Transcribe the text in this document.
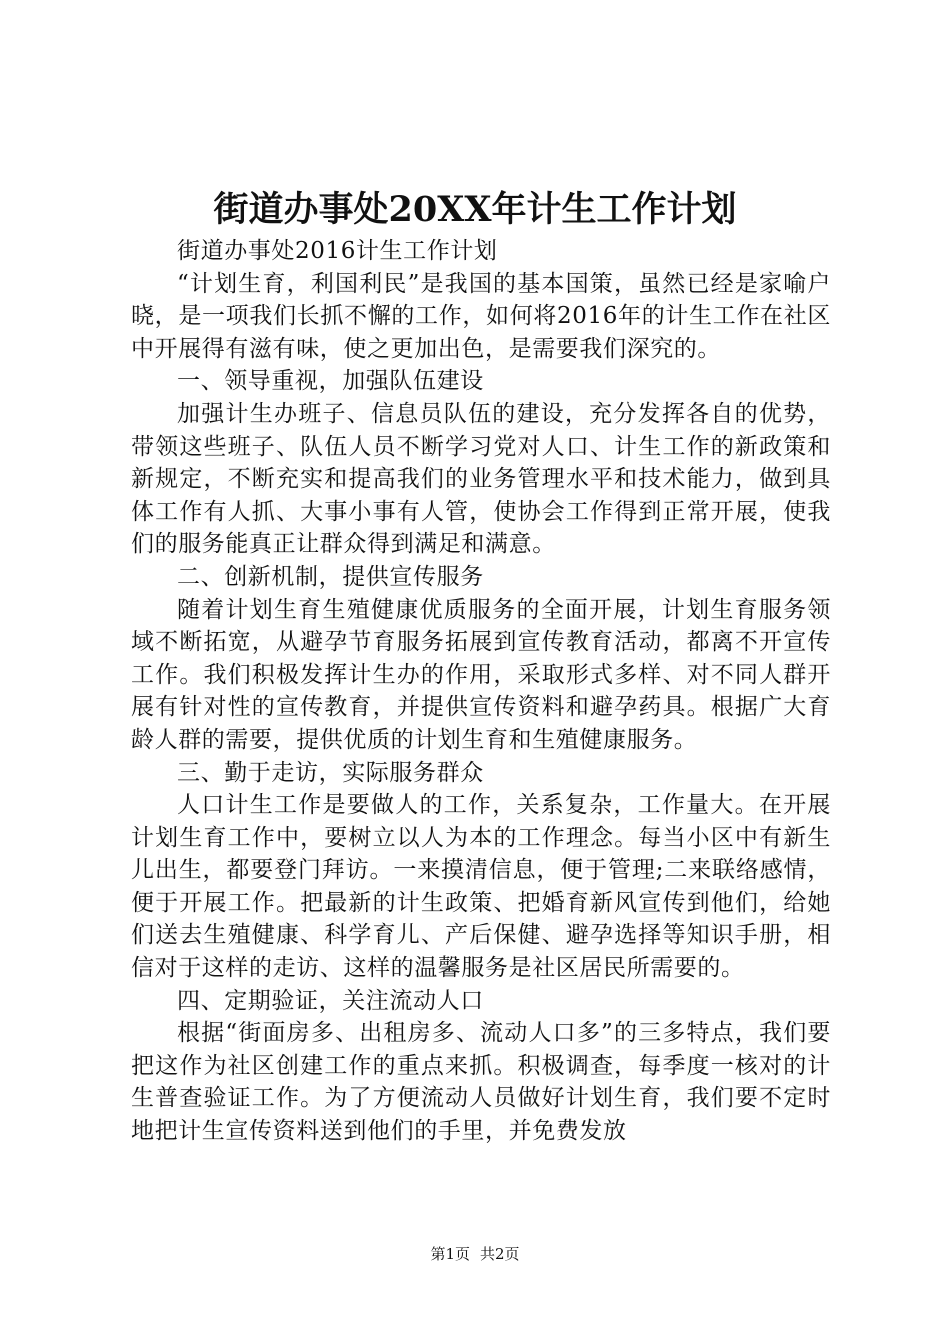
街道办事处20XX年计生工作计划

街道办事处2016计生工作计划

“计划生育，利国利民”是我国的基本国策，虽然已经是家喻户晓，是一项我们长抓不懈的工作，如何将2016年的计生工作在社区中开展得有滋有味，使之更加出色，是需要我们深究的。

一、领导重视，加强队伍建设

加强计生办班子、信息员队伍的建设，充分发挥各自的优势，带领这些班子、队伍人员不断学习党对人口、计生工作的新政策和新规定，不断充实和提高我们的业务管理水平和技术能力，做到具体工作有人抓、大事小事有人管，使协会工作得到正常开展，使我们的服务能真正让群众得到满足和满意。

二、创新机制，提供宣传服务

随着计划生育生殖健康优质服务的全面开展，计划生育服务领域不断拓宽，从避孕节育服务拓展到宣传教育活动，都离不开宣传工作。我们积极发挥计生办的作用，采取形式多样、对不同人群开展有针对性的宣传教育，并提供宣传资料和避孕药具。根据广大育龄人群的需要，提供优质的计划生育和生殖健康服务。

三、勤于走访，实际服务群众

人口计生工作是要做人的工作，关系复杂，工作量大。在开展计划生育工作中，要树立以人为本的工作理念。每当小区中有新生儿出生，都要登门拜访。一来摸清信息，便于管理;二来联络感情，便于开展工作。把最新的计生政策、把婚育新风宣传到他们，给她们送去生殖健康、科学育儿、产后保健、避孕选择等知识手册，相信对于这样的走访、这样的温馨服务是社区居民所需要的。

四、定期验证，关注流动人口

根据“街面房多、出租房多、流动人口多”的三多特点，我们要把这作为社区创建工作的重点来抓。积极调查，每季度一核对的计生普查验证工作。为了方便流动人员做好计划生育，我们要不定时地把计生宣传资料送到他们的手里，并免费发放

第1页 共2页
